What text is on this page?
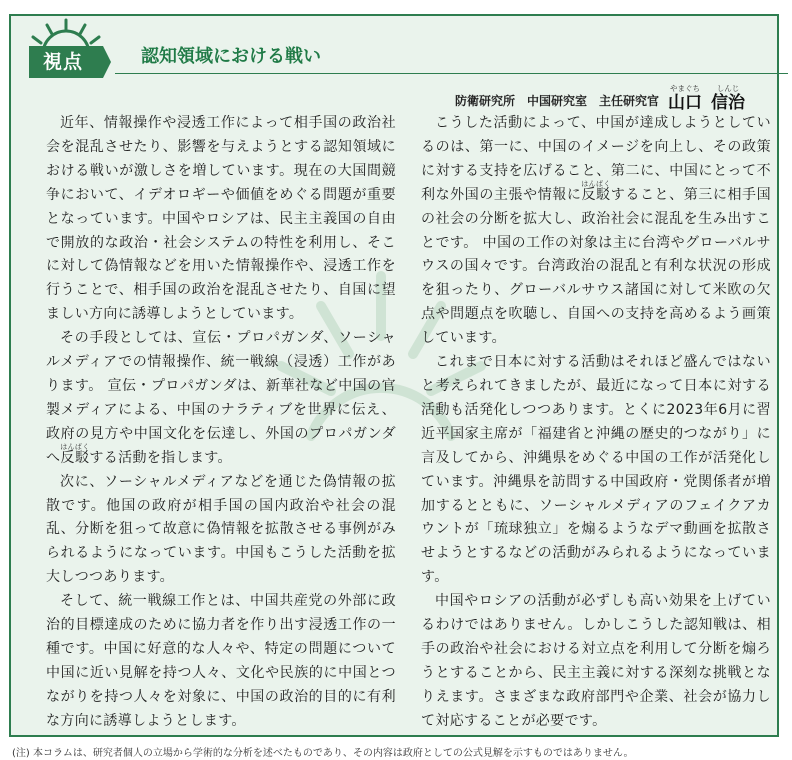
視点	認知領域における戦い
防衛研究所　中国研究室　主任研究官
やまぐち
山口
しんじ
信治

近年、情報操作や浸透工作によって相手国の政治社会を混乱させたり、影響を与えようとする認知領域における戦いが激しさを増しています。現在の大国間競争において、イデオロギーや価値をめぐる問題が重要となっています。中国やロシアは、民主主義国の自由で開放的な政治・社会システムの特性を利用し、そこに対して偽情報などを用いた情報操作や、浸透工作を行うことで、相手国の政治を混乱させたり、自国に望ましい方向に誘導しようとしています。

その手段としては、宣伝・プロパガンダ、ソーシャルメディアでの情報操作、統一戦線（浸透）工作があります。 宣伝・プロパガンダは、新華社など中国の官製メディアによる、中国のナラティブを世界に伝え、政府の見方や中国文化を伝達し、外国のプロパガンダへ反駁はんばくする活動を指します。

次に、ソーシャルメディアなどを通じた偽情報の拡散です。他国の政府が相手国の国内政治や社会の混乱、分断を狙って故意に偽情報を拡散させる事例がみられるようになっています。中国もこうした活動を拡大しつつあります。

そして、統一戦線工作とは、中国共産党の外部に政治的目標達成のために協力者を作り出す浸透工作の一種です。中国に好意的な人々や、特定の問題について中国に近い見解を持つ人々、文化や民族的に中国とつながりを持つ人々を対象に、中国の政治的目的に有利な方向に誘導しようとします。

こうした活動によって、中国が達成しようとしているのは、第一に、中国のイメージを向上し、その政策に対する支持を広げること、第二に、中国にとって不利な外国の主張や情報に反駁はんばくすること、第三に相手国の社会の分断を拡大し、政治社会に混乱を生み出すことです。 中国の工作の対象は主に台湾やグローバルサウスの国々です。台湾政治の混乱と有利な状況の形成を狙ったり、グローバルサウス諸国に対して米欧の欠点や問題点を吹聴し、自国への支持を高めるよう画策しています。

これまで日本に対する活動はそれほど盛んではないと考えられてきましたが、最近になって日本に対する活動も活発化しつつあります。とくに2023年6月に習近平国家主席が「福建省と沖縄の歴史的つながり」に言及してから、沖縄県をめぐる中国の工作が活発化しています。沖縄県を訪問する中国政府・党関係者が増加するとともに、ソーシャルメディアのフェイクアカウントが「琉球独立」を煽るようなデマ動画を拡散させようとするなどの活動がみられるようになっています。

中国やロシアの活動が必ずしも高い効果を上げているわけではありません。しかしこうした認知戦は、相手の政治や社会における対立点を利用して分断を煽ろうとすることから、民主主義に対する深刻な挑戦となりえます。さまざまな政府部門や企業、社会が協力して対応することが必要です。

(注) 本コラムは、研究者個人の立場から学術的な分析を述べたものであり、その内容は政府としての公式見解を示すものではありません。
